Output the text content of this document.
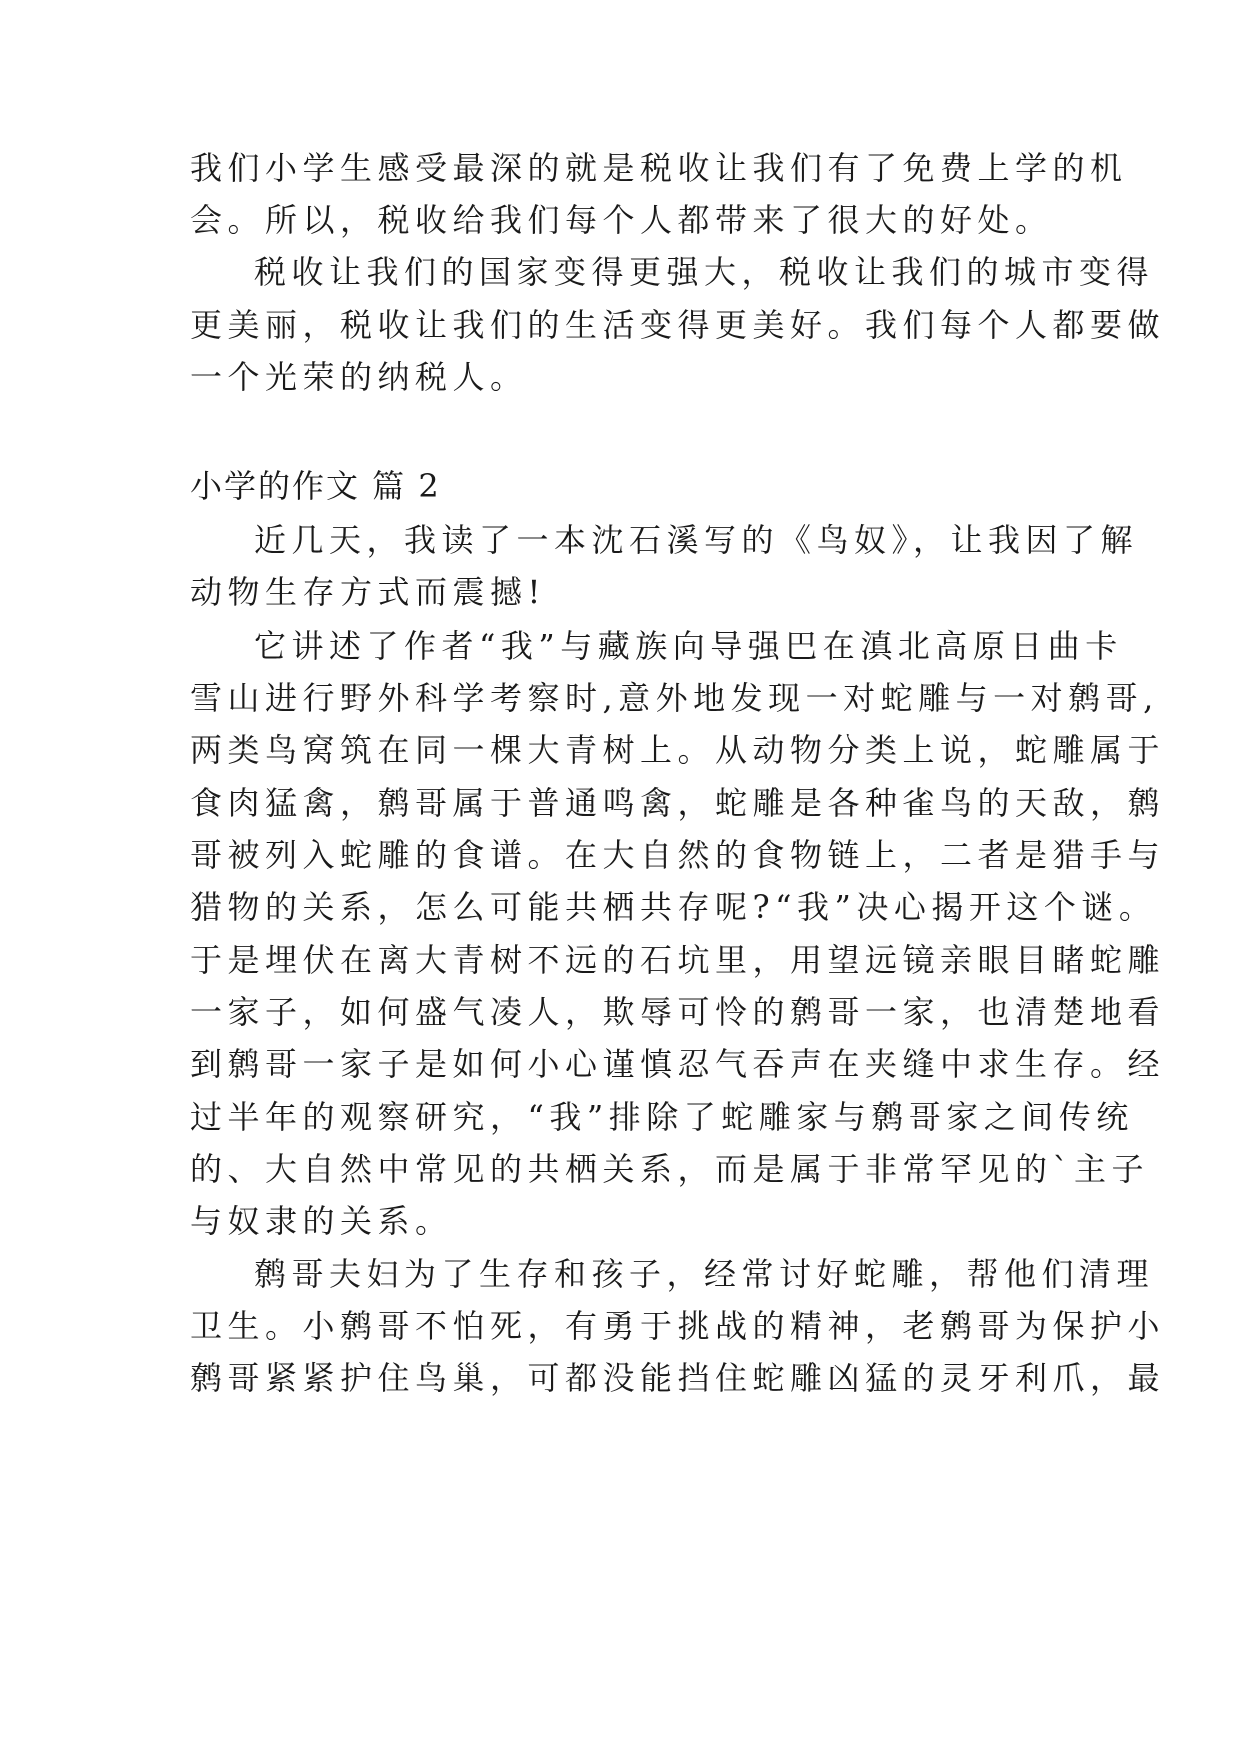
我们小学生感受最深的就是税收让我们有了免费上学的机
会。所以，税收给我们每个人都带来了很大的好处。
税收让我们的国家变得更强大，税收让我们的城市变得
更美丽，税收让我们的生活变得更美好。我们每个人都要做
一个光荣的纳税人。
小学的作文 篇 2
近几天，我读了一本沈石溪写的《鸟奴》，让我因了解
动物生存方式而震撼!
它讲述了作者“我”与藏族向导强巴在滇北高原日曲卡
雪山进行野外科学考察时,意外地发现一对蛇雕与一对鹩哥,
两类鸟窝筑在同一棵大青树上。从动物分类上说，蛇雕属于
食肉猛禽，鹩哥属于普通鸣禽，蛇雕是各种雀鸟的天敌，鹩
哥被列入蛇雕的食谱。在大自然的食物链上，二者是猎手与
猎物的关系，怎么可能共栖共存呢?“我”决心揭开这个谜。
于是埋伏在离大青树不远的石坑里，用望远镜亲眼目睹蛇雕
一家子，如何盛气凌人，欺辱可怜的鹩哥一家，也清楚地看
到鹩哥一家子是如何小心谨慎忍气吞声在夹缝中求生存。经
过半年的观察研究，“我”排除了蛇雕家与鹩哥家之间传统
的、大自然中常见的共栖关系，而是属于非常罕见的`主子
与奴隶的关系。
鹩哥夫妇为了生存和孩子，经常讨好蛇雕，帮他们清理
卫生。小鹩哥不怕死，有勇于挑战的精神，老鹩哥为保护小
鹩哥紧紧护住鸟巢，可都没能挡住蛇雕凶猛的灵牙利爪，最
